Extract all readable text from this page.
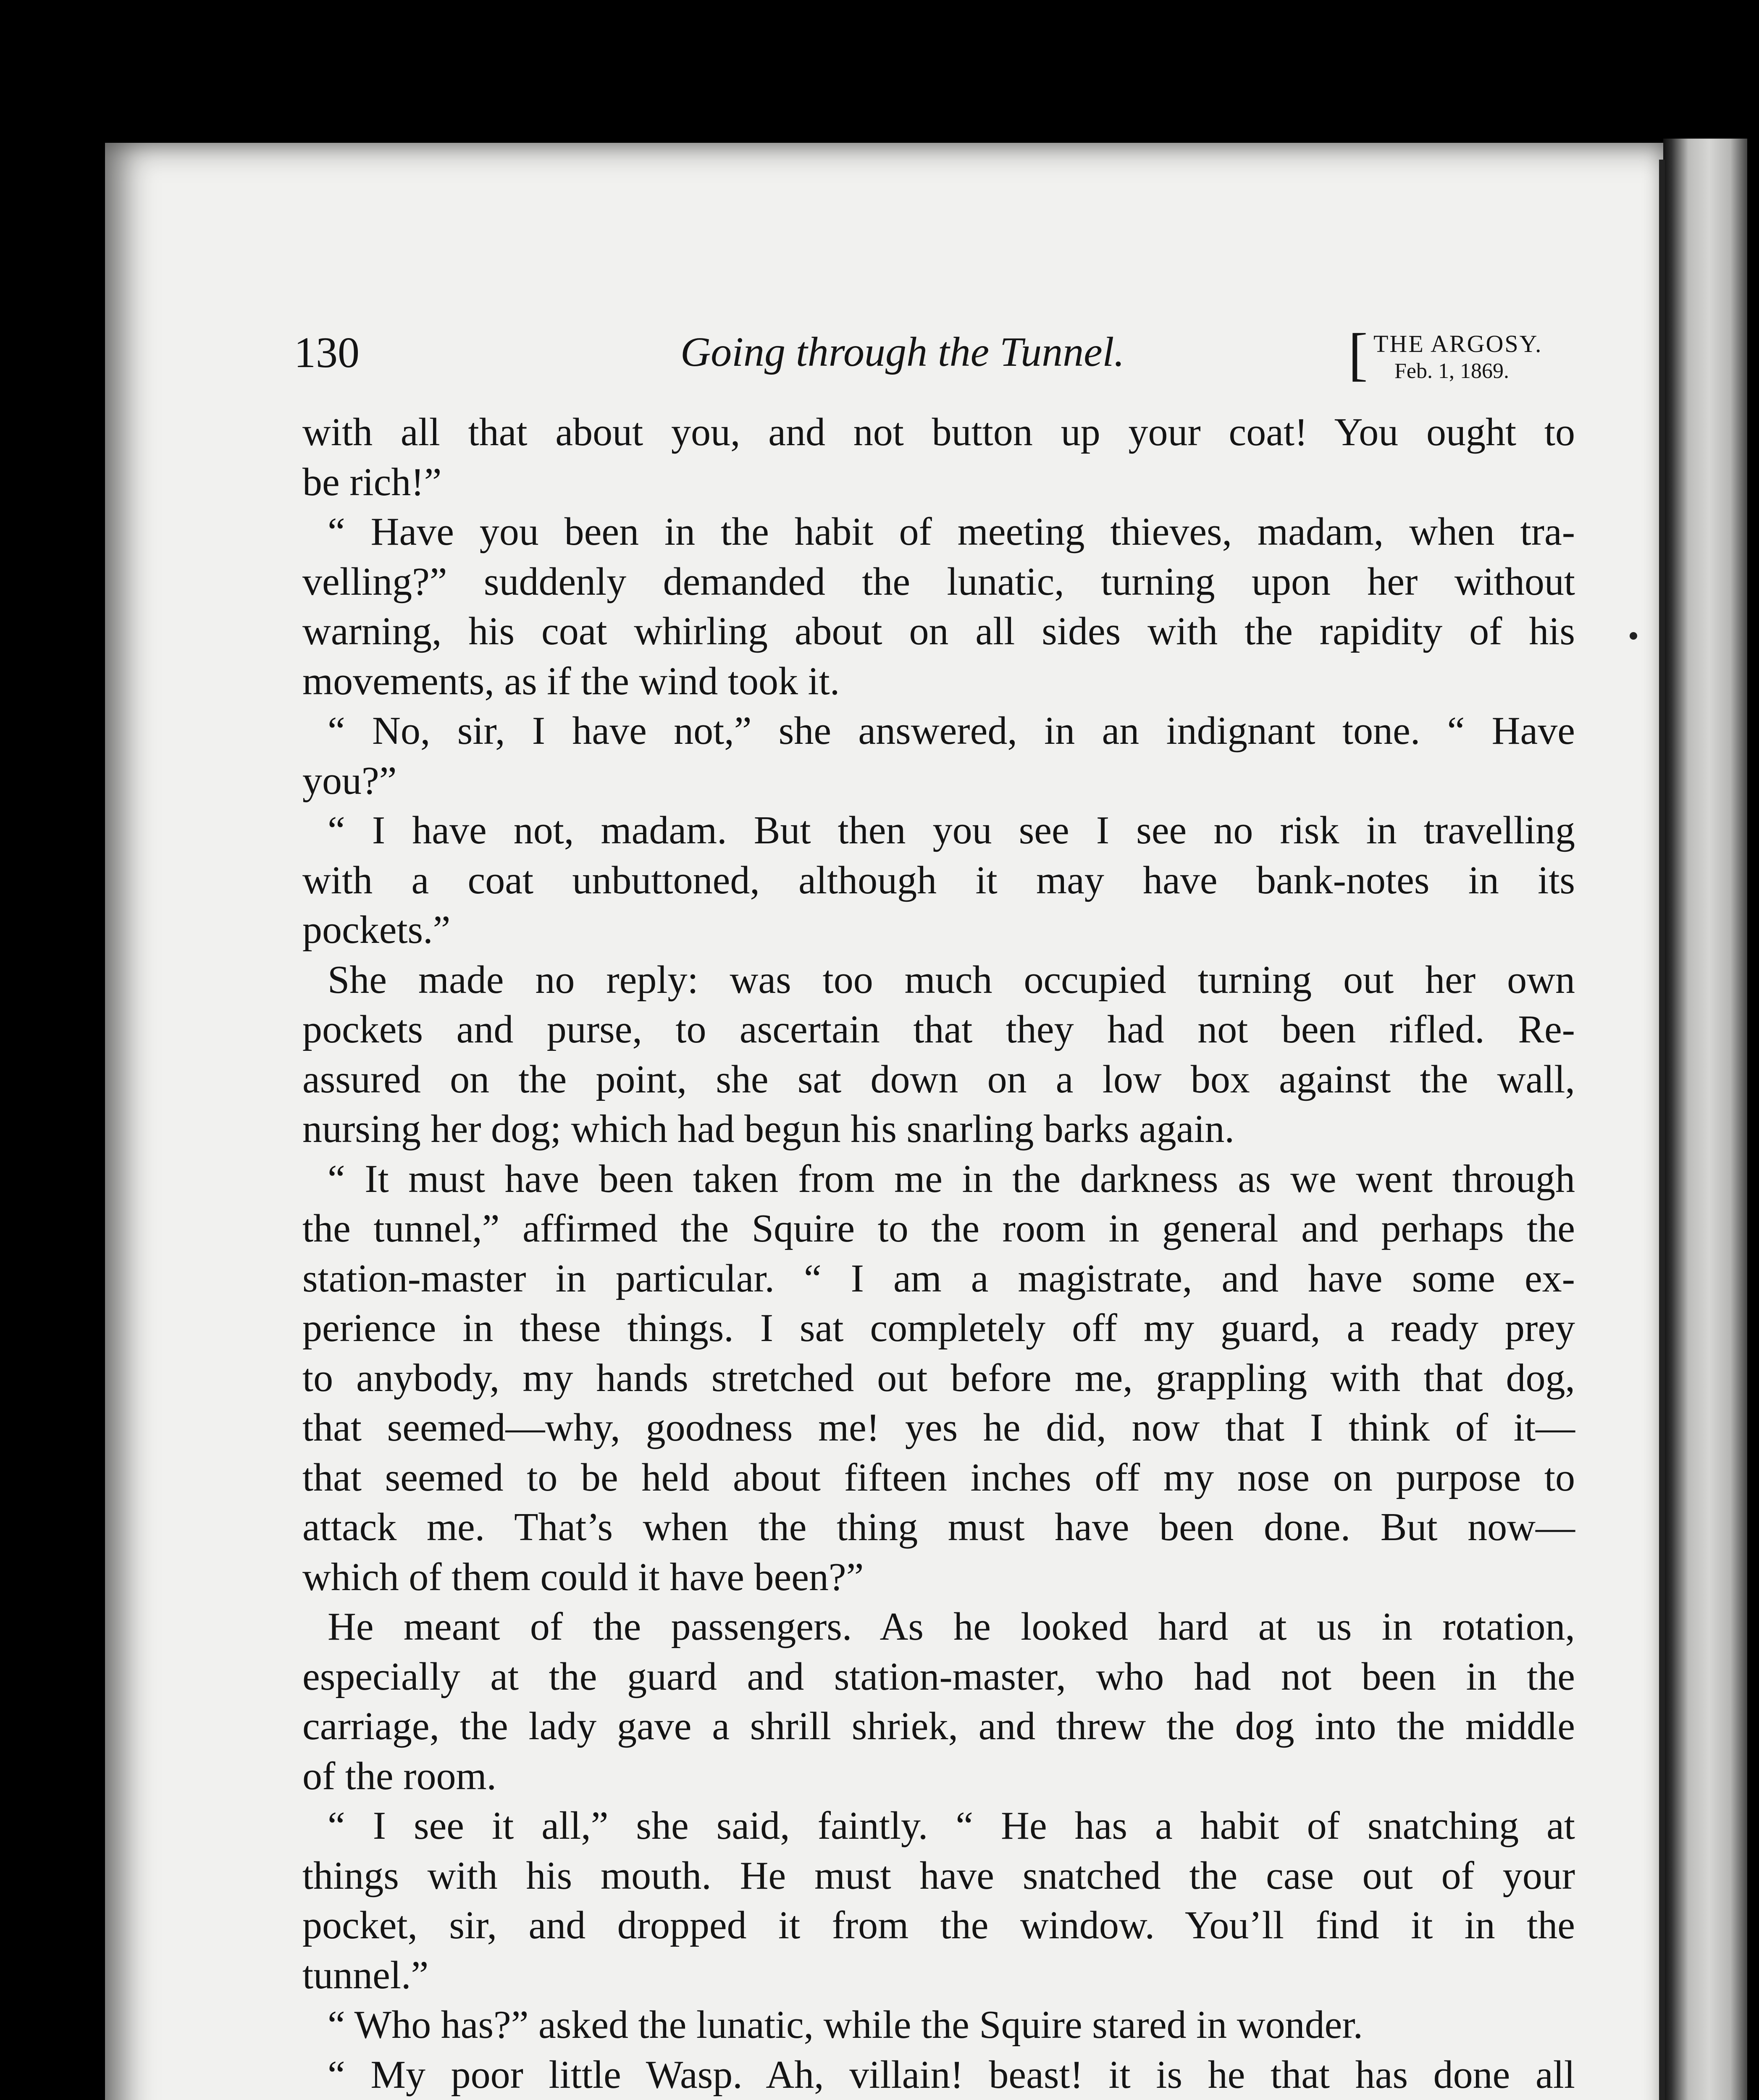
130	Going through the Tunnel.	[ THE ARGOSY.
Feb. 1, 1869.
with all that about you, and not button up your coat! You ought to
be rich!”
“ Have you been in the habit of meeting thieves, madam, when tra-
velling?” suddenly demanded the lunatic, turning upon her without
warning, his coat whirling about on all sides with the rapidity of his
movements, as if the wind took it.
“ No, sir, I have not,” she answered, in an indignant tone. “ Have
you?”
“ I have not, madam. But then you see I see no risk in travelling
with a coat unbuttoned, although it may have bank-notes in its
pockets.”
She made no reply: was too much occupied turning out her own
pockets and purse, to ascertain that they had not been rifled. Re-
assured on the point, she sat down on a low box against the wall,
nursing her dog; which had begun his snarling barks again.
“ It must have been taken from me in the darkness as we went through
the tunnel,” affirmed the Squire to the room in general and perhaps the
station-master in particular. “ I am a magistrate, and have some ex-
perience in these things. I sat completely off my guard, a ready prey
to anybody, my hands stretched out before me, grappling with that dog,
that seemed—why, goodness me! yes he did, now that I think of it—
that seemed to be held about fifteen inches off my nose on purpose to
attack me. That’s when the thing must have been done. But now—
which of them could it have been?”
He meant of the passengers. As he looked hard at us in rotation,
especially at the guard and station-master, who had not been in the
carriage, the lady gave a shrill shriek, and threw the dog into the middle
of the room.
“ I see it all,” she said, faintly. “ He has a habit of snatching at
things with his mouth. He must have snatched the case out of your
pocket, sir, and dropped it from the window. You’ll find it in the
tunnel.”
“ Who has?” asked the lunatic, while the Squire stared in wonder.
“ My poor little Wasp. Ah, villain! beast! it is he that has done all
